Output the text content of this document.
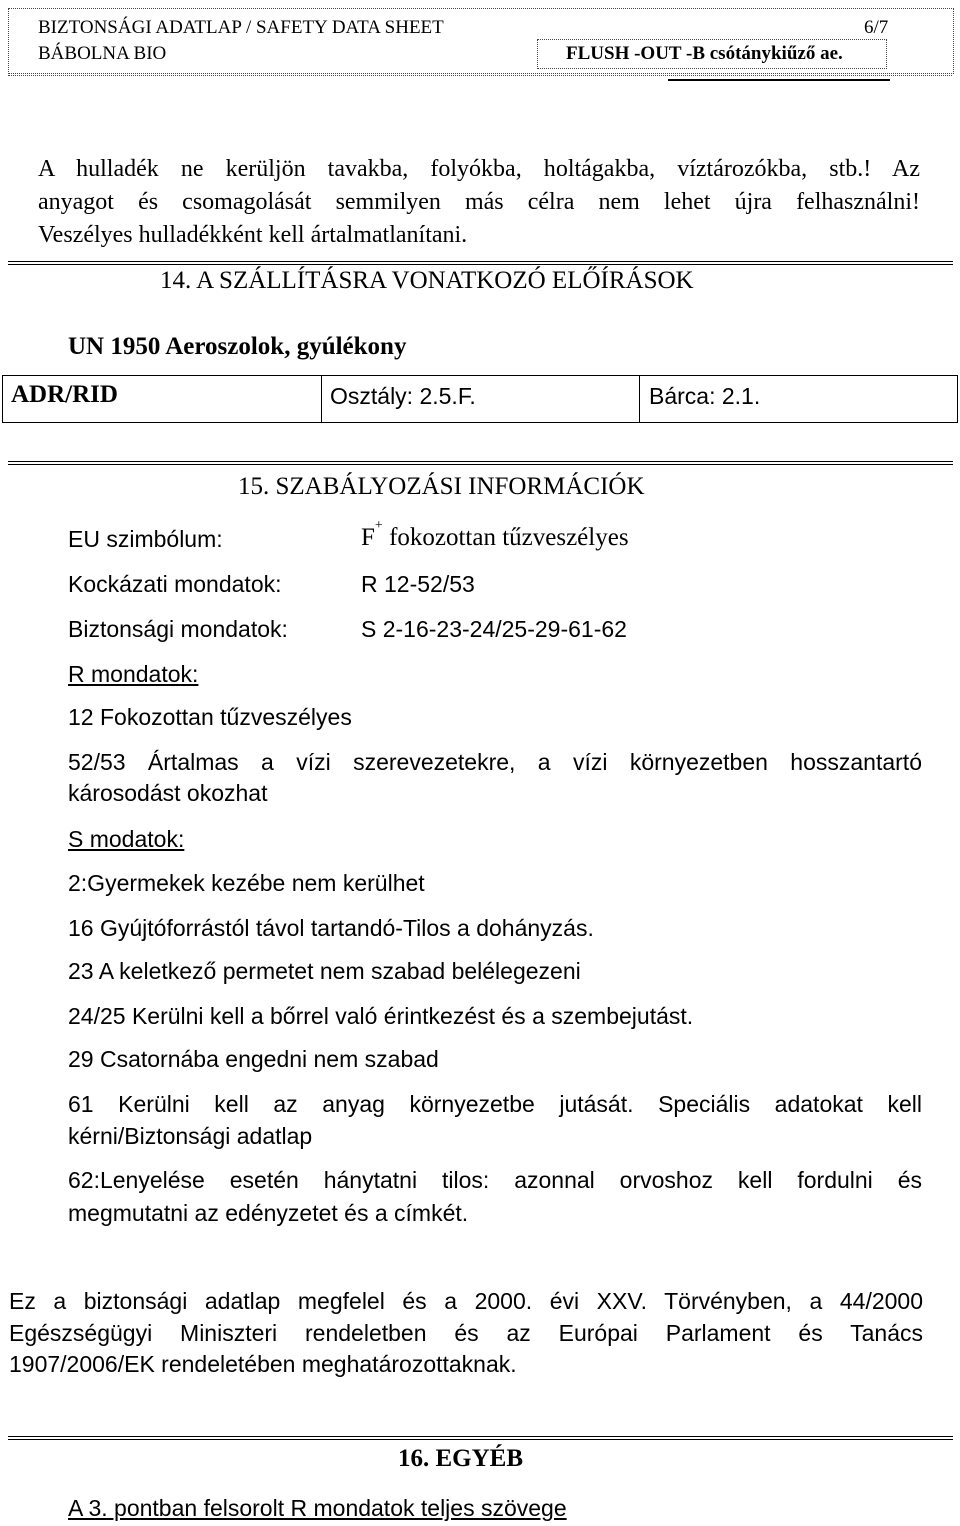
BIZTONSÁGI ADATLAP / SAFETY DATA SHEET	6/7
BÁBOLNA BIO	FLUSH -OUT -B csótánykiűző ae.
A hulladék ne kerüljön tavakba, folyókba, holtágakba, víztározókba, stb.! Az
anyagot és csomagolását semmilyen más célra nem lehet újra felhasználni!
Veszélyes hulladékként kell ártalmatlanítani.
14. A SZÁLLÍTÁSRA VONATKOZÓ ELŐÍRÁSOK
UN 1950 Aeroszolok, gyúlékony
ADR/RID	Osztály: 2.5.F.	Bárca: 2.1.
15. SZABÁLYOZÁSI INFORMÁCIÓK
EU szimbólum:	F+ fokozottan tűzveszélyes
Kockázati mondatok:	R 12-52/53
Biztonsági mondatok:	S 2-16-23-24/25-29-61-62
R mondatok:
12 Fokozottan tűzveszélyes
52/53 Ártalmas a vízi szerevezetekre, a vízi környezetben hosszantartó
károsodást okozhat
S modatok:
2:Gyermekek kezébe nem kerülhet
16 Gyújtóforrástól távol tartandó-Tilos a dohányzás.
23 A keletkező permetet nem szabad belélegezeni
24/25 Kerülni kell a bőrrel való érintkezést és a szembejutást.
29 Csatornába engedni nem szabad
61 Kerülni kell az anyag környezetbe jutását. Speciális adatokat kell
kérni/Biztonsági adatlap
62:Lenyelése esetén hánytatni tilos: azonnal orvoshoz kell fordulni és
megmutatni az edényzetet és a címkét.
Ez a biztonsági adatlap megfelel és a 2000. évi XXV. Törvényben, a 44/2000
Egészségügyi Miniszteri rendeletben és az Európai Parlament és Tanács
1907/2006/EK rendeletében meghatározottaknak.
16. EGYÉB
A 3. pontban felsorolt R mondatok teljes szövege
